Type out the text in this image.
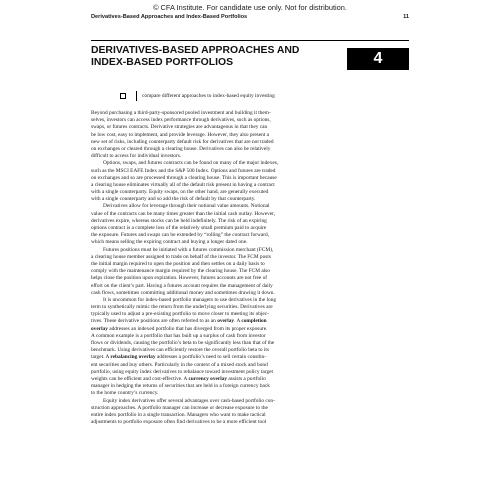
© CFA Institute. For candidate use only. Not for distribution.
Derivatives-Based Approaches and Index-Based Portfolios	11
DERIVATIVES-BASED APPROACHES AND
INDEX-BASED PORTFOLIOS	4
compare different approaches to index-based equity investing

Beyond purchasing a third-party-sponsored pooled investment and building it them-
selves, investors can access index performance through derivatives, such as options,
swaps, or futures contracts. Derivative strategies are advantageous in that they can
be low cost, easy to implement, and provide leverage. However, they also present a
new set of risks, including counterparty default risk for derivatives that are not traded
on exchanges or cleared through a clearing house. Derivatives can also be relatively
difficult to access for individual investors.

Options, swaps, and futures contracts can be found on many of the major indexes,
such as the MSCI EAFE Index and the S&P 500 Index. Options and futures are traded
on exchanges and so are processed through a clearing house. This is important because
a clearing house eliminates virtually all of the default risk present in having a contract
with a single counterparty. Equity swaps, on the other hand, are generally executed
with a single counterparty and so add the risk of default by that counterparty.

Derivatives allow for leverage through their notional value amounts. Notional
value of the contracts can be many times greater than the initial cash outlay. However,
derivatives expire, whereas stocks can be held indefinitely. The risk of an expiring
options contract is a complete loss of the relatively small premium paid to acquire
the exposure. Futures and swaps can be extended by “rolling” the contract forward,
which means selling the expiring contract and buying a longer dated one.

Futures positions must be initiated with a futures commission merchant (FCM),
a clearing house member assigned to trade on behalf of the investor. The FCM posts
the initial margin required to open the position and then settles on a daily basis to
comply with the maintenance margin required by the clearing house. The FCM also
helps close the position upon expiration. However, futures accounts are not free of
effort on the client’s part. Having a futures account requires the management of daily
cash flows, sometimes committing additional money and sometimes drawing it down.

It is uncommon for index-based portfolio managers to use derivatives in the long
term to synthetically mimic the return from the underlying securities. Derivatives are
typically used to adjust a pre-existing portfolio to move closer to meeting its objec-
tives. These derivative positions are often referred to as an overlay. A completion
overlay addresses an indexed portfolio that has diverged from its proper exposure.
A common example is a portfolio that has built up a surplus of cash from investor
flows or dividends, causing the portfolio’s beta to be significantly less than that of the
benchmark. Using derivatives can efficiently restore the overall portfolio beta to its
target. A rebalancing overlay addresses a portfolio’s need to sell certain constitu-
ent securities and buy others. Particularly in the context of a mixed stock and bond
portfolio, using equity index derivatives to rebalance toward investment policy target
weights can be efficient and cost-effective. A currency overlay assists a portfolio
manager in hedging the returns of securities that are held in a foreign currency back
to the home country’s currency.

Equity index derivatives offer several advantages over cash-based portfolio con-
struction approaches. A portfolio manager can increase or decrease exposure to the
entire index portfolio in a single transaction. Managers who want to make tactical
adjustments to portfolio exposure often find derivatives to be a more efficient tool
